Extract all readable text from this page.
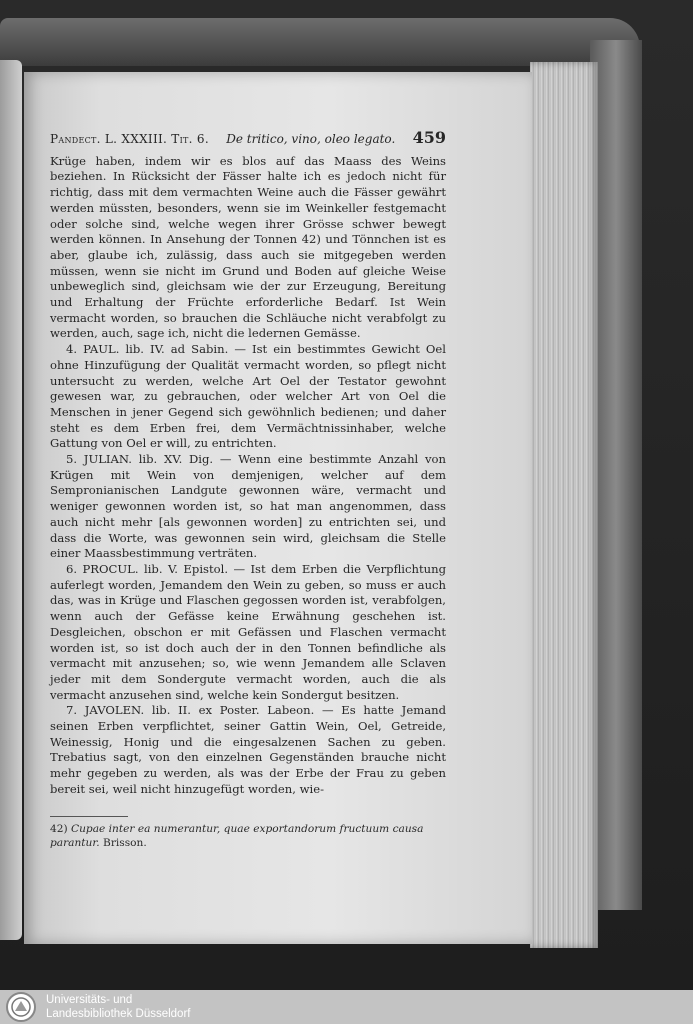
Pandect. L. XXXIII. Tit. 6. De tritico, vino, oleo legato. 459

Krüge haben, indem wir es blos auf das Maass des Weins beziehen. In Rücksicht der Fässer halte ich es jedoch nicht für richtig, dass mit dem vermachten Weine auch die Fässer gewährt werden müssten, besonders, wenn sie im Weinkeller festgemacht oder solche sind, welche wegen ihrer Grösse schwer bewegt werden können. In Ansehung der Tonnen 42) und Tönnchen ist es aber, glaube ich, zulässig, dass auch sie mitgegeben werden müssen, wenn sie nicht im Grund und Boden auf gleiche Weise unbeweglich sind, gleichsam wie der zur Erzeugung, Bereitung und Erhaltung der Früchte erforderliche Bedarf. Ist Wein vermacht worden, so brauchen die Schläuche nicht verabfolgt zu werden, auch, sage ich, nicht die ledernen Gemässe.

4. PAUL. lib. IV. ad Sabin. — Ist ein bestimmtes Gewicht Oel ohne Hinzufügung der Qualität vermacht worden, so pflegt nicht untersucht zu werden, welche Art Oel der Testator gewohnt gewesen war, zu gebrauchen, oder welcher Art von Oel die Menschen in jener Gegend sich gewöhnlich bedienen; und daher steht es dem Erben frei, dem Vermächtnissinhaber, welche Gattung von Oel er will, zu entrichten.

5. JULIAN. lib. XV. Dig. — Wenn eine bestimmte Anzahl von Krügen mit Wein von demjenigen, welcher auf dem Sempronianischen Landgute gewonnen wäre, vermacht und weniger gewonnen worden ist, so hat man angenommen, dass auch nicht mehr [als gewonnen worden] zu entrichten sei, und dass die Worte, was gewonnen sein wird, gleichsam die Stelle einer Maassbestimmung verträten.

6. PROCUL. lib. V. Epistol. — Ist dem Erben die Verpflichtung auferlegt worden, Jemandem den Wein zu geben, so muss er auch das, was in Krüge und Flaschen gegossen worden ist, verabfolgen, wenn auch der Gefässe keine Erwähnung geschehen ist. Desgleichen, obschon er mit Gefässen und Flaschen vermacht worden ist, so ist doch auch der in den Tonnen befindliche als vermacht mit anzusehen; so, wie wenn Jemandem alle Sclaven jeder mit dem Sondergute vermacht worden, auch die als vermacht anzusehen sind, welche kein Sondergut besitzen.

7. JAVOLEN. lib. II. ex Poster. Labeon. — Es hatte Jemand seinen Erben verpflichtet, seiner Gattin Wein, Oel, Getreide, Weinessig, Honig und die eingesalzenen Sachen zu geben. Trebatius sagt, von den einzelnen Gegenständen brauche nicht mehr gegeben zu werden, als was der Erbe der Frau zu geben bereit sei, weil nicht hinzugefügt worden, wie-

42) Cupae inter ea numerantur, quae exportandorum fructuum causa parantur. Brisson.
Universitäts- und
Landesbibliothek Düsseldorf
